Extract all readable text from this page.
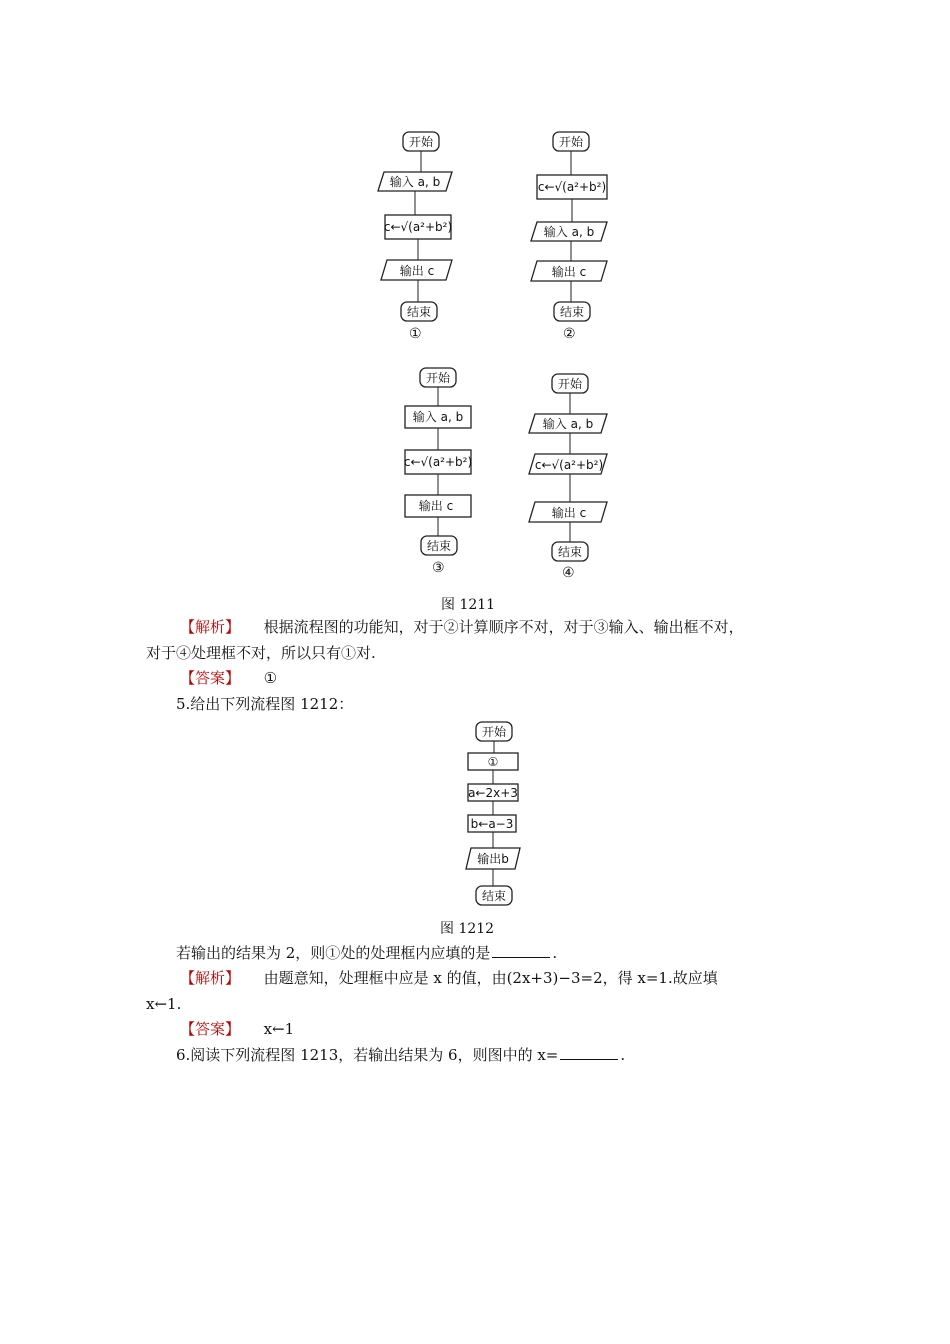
开始
输入 a, b
c←√(a²+b²)
输出 c
结束
①
开始
c←√(a²+b²)
输入 a, b
输出 c
结束
②
开始
输入 a, b
c←√(a²+b²)
输出 c
结束
③
开始
输入 a, b
c←√(a²+b²)
输出 c
结束
④
图 1211
【解析】 根据流程图的功能知，对于②计算顺序不对，对于③输入、输出框不对，
对于④处理框不对，所以只有①对.
【答案】 ①
5.给出下列流程图 1212：
开始
①
a←2x+3
b←a−3
输出b
结束
图 1212
若输出的结果为 2，则①处的处理框内应填的是	.
【解析】 由题意知，处理框中应是 x 的值，由(2x+3)−3=2，得 x=1.故应填
x←1.
【答案】 x←1
6.阅读下列流程图 1213，若输出结果为 6，则图中的 x=	.
